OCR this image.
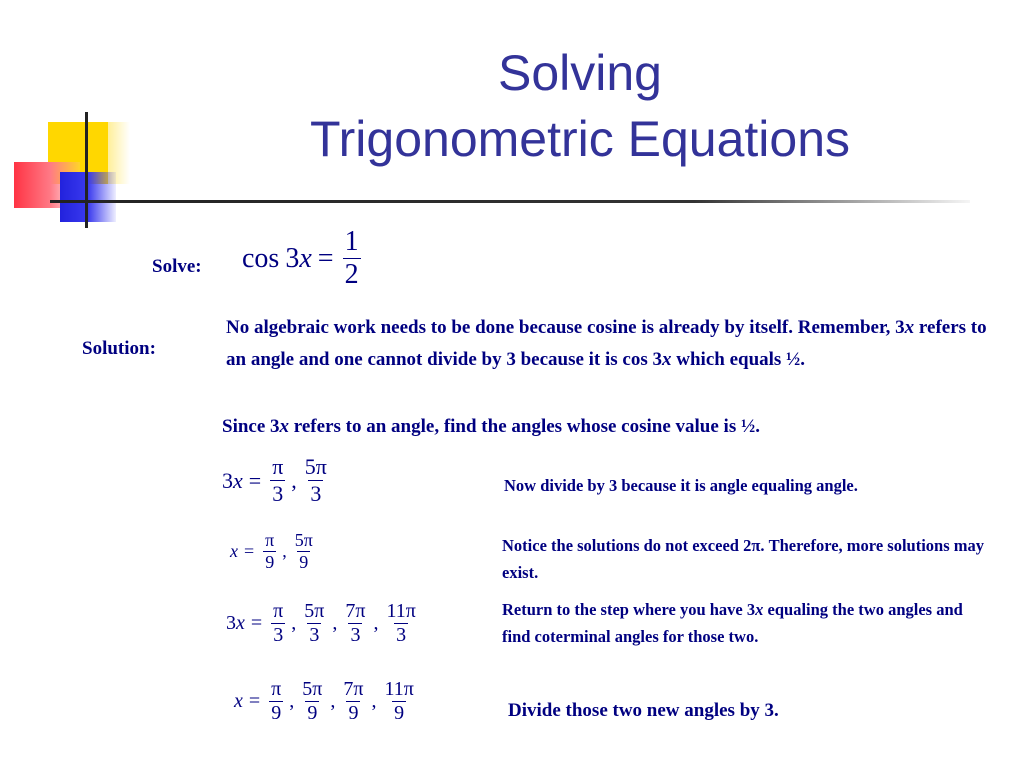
Solving
Trigonometric Equations
Solve: cos 3 $x = \frac{1}{2}$
Solution:
No algebraic work needs to be done because cosine is already by itself. Remember, 3x refers to an angle and one cannot divide by 3 because it is cos 3x which equals ½.
Since 3x refers to an angle, find the angles whose cosine value is ½.
3 $x = \frac{\pi}{3}$ , $\frac{5\pi}{3}$
$x = \frac{\pi}{9}$ , $\frac{5\pi}{9}$
3 $x = \frac{\pi}{3}$ , $\frac{5\pi}{3}$ , $\frac{7\pi}{3}$ , $\frac{11\pi}{3}$
$x = \frac{\pi}{9}$ , $\frac{5\pi}{9}$ , $\frac{7\pi}{9}$ , $\frac{11\pi}{9}$
Now divide by 3 because it is angle equaling angle.
Notice the solutions do not exceed 2π. Therefore, more solutions may exist.
Return to the step where you have 3x equaling the two angles and find coterminal angles for those two.
Divide those two new angles by 3.
